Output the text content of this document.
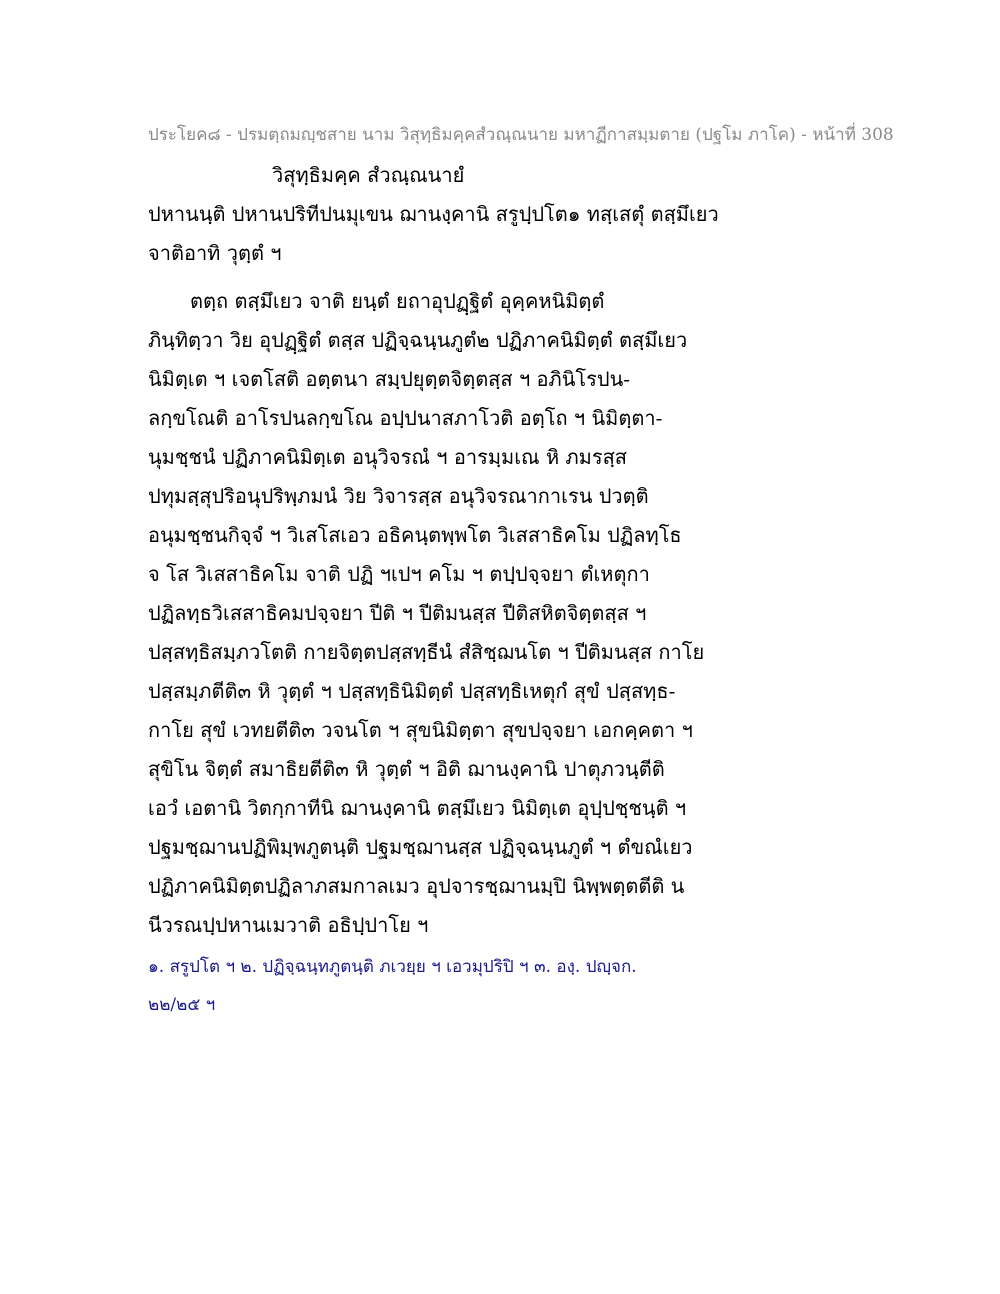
ประโยค๘ - ปรมตฺถมญฺชสาย นาม วิสุทฺธิมคฺคสํวณฺณนาย มหาฏีกาสมฺมตาย (ปฐโม ภาโค) - หน้าที่ 308
วิสุทฺธิมคฺค สํวณฺณนายํ
ปหานนฺติ ปหานปริทีปนมุเขน ฌานงฺคานิ สรูปฺปโต๑ ทสฺเสตุํ ตสฺมึเยว
จาติอาทิ วุตฺตํ ฯ
ตตฺถ ตสฺมึเยว จาติ ยนฺตํ ยถาอุปฏฺฐิตํ อุคฺคหนิมิตฺตํ
ภินฺทิตฺวา วิย อุปฏฺฐิตํ ตสฺส ปฏิจฺฉนฺนภูตํ๒ ปฏิภาคนิมิตฺตํ ตสฺมึเยว
นิมิตฺเต ฯ เจตโสติ อตฺตนา สมฺปยุตฺตจิตฺตสฺส ฯ อภินิโรปน-
ลกฺขโณติ อาโรปนลกฺขโณ อปฺปนาสภาโวติ อตฺโถ ฯ นิมิตฺตา-
นุมชฺชนํ ปฏิภาคนิมิตฺเต อนุวิจรณํ ฯ อารมฺมเณ หิ ภมรสฺส
ปทุมสฺสุปริอนุปริพฺภมนํ วิย วิจารสฺส อนุวิจรณากาเรน ปวตฺติ
อนุมชฺชนกิจฺจํ ฯ วิเสโสเอว อธิคนฺตพฺพโต วิเสสาธิคโม ปฏิลทฺโธ
จ โส วิเสสาธิคโม จาติ ปฏิ ฯเปฯ คโม ฯ ตปฺปจฺจยา ตํเหตุกา
ปฏิลทฺธวิเสสาธิคมปจฺจยา ปีติ ฯ ปีติมนสฺส ปีติสหิตจิตฺตสฺส ฯ
ปสฺสทฺธิสมฺภวโตติ กายจิตฺตปสฺสทฺธีนํ สํสิชฺฌนโต ฯ ปีติมนสฺส กาโย
ปสฺสมฺภตีติ๓ หิ วุตฺตํ ฯ ปสฺสทฺธินิมิตฺตํ ปสฺสทฺธิเหตุกํ สุขํ ปสฺสทฺธ-
กาโย สุขํ เวทยตีติ๓ วจนโต ฯ สุขนิมิตฺตา สุขปจฺจยา เอกคฺคตา ฯ
สุขิโน จิตฺตํ สมาธิยตีติ๓ หิ วุตฺตํ ฯ อิติ ฌานงฺคานิ ปาตุภวนฺตีติ
เอวํ เอตานิ วิตกฺกาทีนิ ฌานงฺคานิ ตสฺมึเยว นิมิตฺเต อุปฺปชฺชนฺติ ฯ
ปฐมชฺฌานปฏิพิมฺพภูตนฺติ ปฐมชฺฌานสฺส ปฏิจฺฉนฺนภูตํ ฯ ตํขณํเยว
ปฏิภาคนิมิตฺตปฏิลาภสมกาลเมว อุปจารชฺฌานมฺปิ นิพฺพตฺตตีติ น
นีวรณปฺปหานเมวาติ อธิปฺปาโย ฯ
๑. สรูปโต ฯ ๒. ปฏิจฺฉนฺทภูตนฺติ ภเวยฺย ฯ เอวมุปริปิ ฯ ๓. องฺ. ปญฺจก.
๒๒/๒๕ ฯ
